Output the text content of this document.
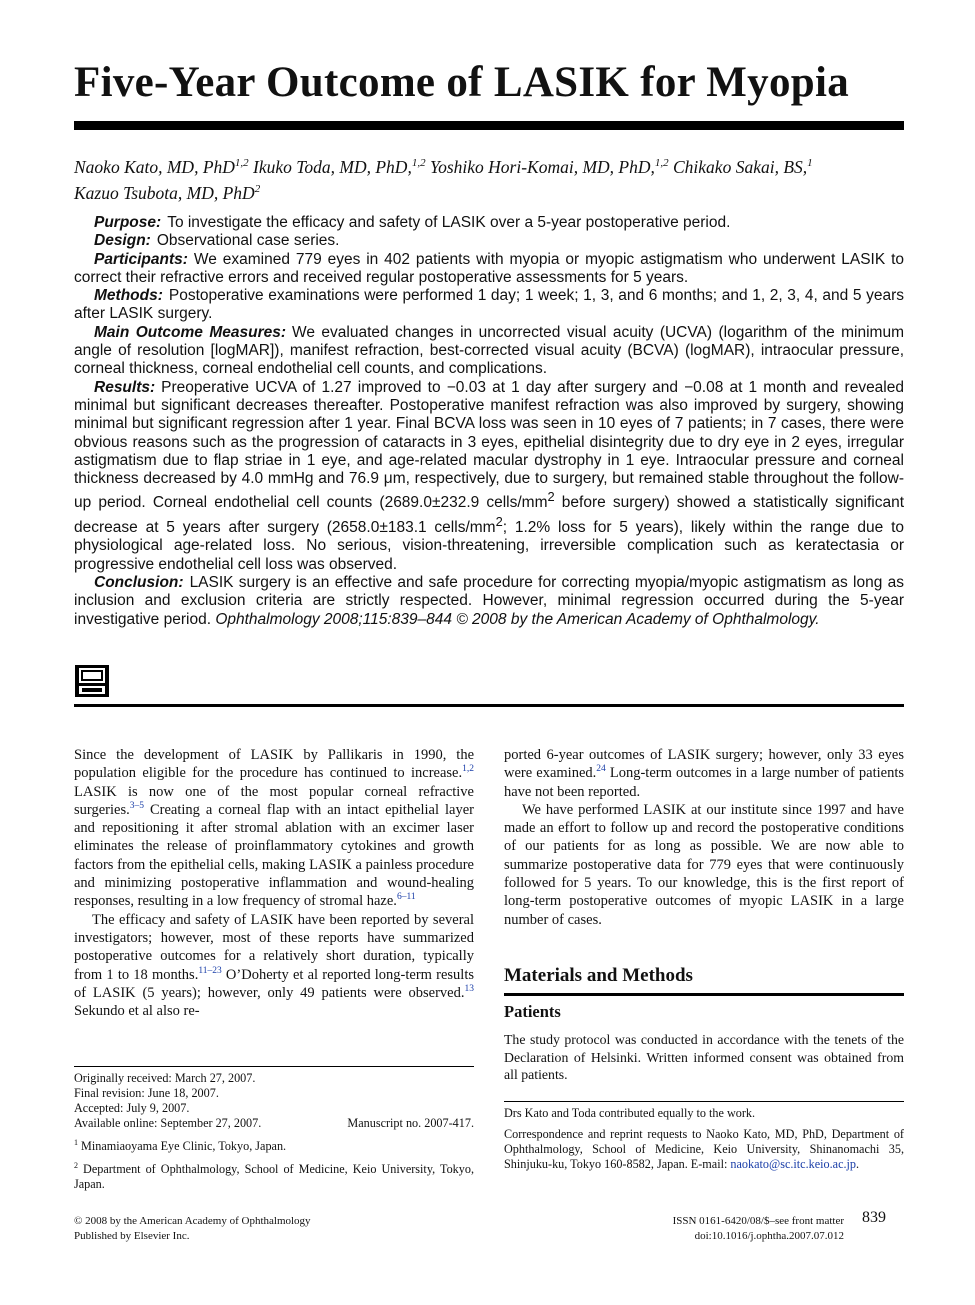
Five-Year Outcome of LASIK for Myopia
Naoko Kato, MD, PhD$^{1,2}$ Ikuko Toda, MD, PhD,$^{1,2}$ Yoshiko Hori-Komai, MD, PhD,$^{1,2}$ Chikako Sakai, BS,$^1$
Kazuo Tsubota, MD, PhD$^2$

Purpose: To investigate the efficacy and safety of LASIK over a 5-year postoperative period.

Design: Observational case series.

Participants: We examined 779 eyes in 402 patients with myopia or myopic astigmatism who underwent LASIK to correct their refractive errors and received regular postoperative assessments for 5 years.

Methods: Postoperative examinations were performed 1 day; 1 week; 1, 3, and 6 months; and 1, 2, 3, 4, and 5 years after LASIK surgery.

Main Outcome Measures: We evaluated changes in uncorrected visual acuity (UCVA) (logarithm of the minimum angle of resolution [logMAR]), manifest refraction, best-corrected visual acuity (BCVA) (logMAR), intraocular pressure, corneal thickness, corneal endothelial cell counts, and complications.

Results: Preoperative UCVA of 1.27 improved to −0.03 at 1 day after surgery and −0.08 at 1 month and revealed minimal but significant decreases thereafter. Postoperative manifest refraction was also improved by surgery, showing minimal but significant regression after 1 year. Final BCVA loss was seen in 10 eyes of 7 patients; in 7 cases, there were obvious reasons such as the progression of cataracts in 3 eyes, epithelial disintegrity due to dry eye in 2 eyes, irregular astigmatism due to flap striae in 1 eye, and age-related macular dystrophy in 1 eye. Intraocular pressure and corneal thickness decreased by 4.0 mmHg and 76.9 μm, respectively, due to surgery, but remained stable throughout the follow-up period. Corneal endothelial cell counts (2689.0±232.9 cells/$mm^2$ before surgery) showed a statistically significant decrease at 5 years after surgery (2658.0±183.1 cells/$mm^2$; 1.2% loss for 5 years), likely within the range due to physiological age-related loss. No serious, vision-threatening, irreversible complication such as keratectasia or progressive endothelial cell loss was observed.

Conclusion: LASIK surgery is an effective and safe procedure for correcting myopia/myopic astigmatism as long as inclusion and exclusion criteria are strictly respected. However, minimal regression occurred during the 5-year investigative period. Ophthalmology 2008;115:839–844 © 2008 by the American Academy of Ophthalmology.

Since the development of LASIK by Pallikaris in 1990, the population eligible for the procedure has continued to increase.$^{1,2}$ LASIK is now one of the most popular corneal refractive surgeries.$^{3-5}$ Creating a corneal flap with an intact epithelial layer and repositioning it after stromal ablation with an excimer laser eliminates the release of proinflammatory cytokines and growth factors from the epithelial cells, making LASIK a painless procedure and minimizing postoperative inflammation and wound-healing responses, resulting in a low frequency of stromal haze.$^{6-11}$

The efficacy and safety of LASIK have been reported by several investigators; however, most of these reports have summarized postoperative outcomes for a relatively short duration, typically from 1 to 18 months.$^{11-23}$ O’Doherty et al reported long-term results of LASIK (5 years); however, only 49 patients were observed.$^{13}$ Sekundo et al also re-

ported 6-year outcomes of LASIK surgery; however, only 33 eyes were examined.$^{24}$ Long-term outcomes in a large number of patients have not been reported.

We have performed LASIK at our institute since 1997 and have made an effort to follow up and record the postoperative conditions of our patients for as long as possible. We are now able to summarize postoperative data for 779 eyes that were continuously followed for 5 years. To our knowledge, this is the first report of long-term postoperative outcomes of myopic LASIK in a large number of cases.

Materials and Methods
Patients

The study protocol was conducted in accordance with the tenets of the Declaration of Helsinki. Written informed consent was obtained from all patients.

Originally received: March 27, 2007.

Final revision: June 18, 2007.

Accepted: July 9, 2007.

Available online: September 27, 2007.	Manuscript no. 2007-417.

$^1$ Minamiaoyama Eye Clinic, Tokyo, Japan.

$^2$ Department of Ophthalmology, School of Medicine, Keio University, Tokyo, Japan.

Drs Kato and Toda contributed equally to the work.

Correspondence and reprint requests to Naoko Kato, MD, PhD, Department of Ophthalmology, School of Medicine, Keio University, Shinanomachi 35, Shinjuku-ku, Tokyo 160-8582, Japan. E-mail: naokato@sc.itc.keio.ac.jp.

© 2008 by the American Academy of Ophthalmology
Published by Elsevier Inc.
ISSN 0161-6420/08/$–see front matter
doi:10.1016/j.ophtha.2007.07.012
839
